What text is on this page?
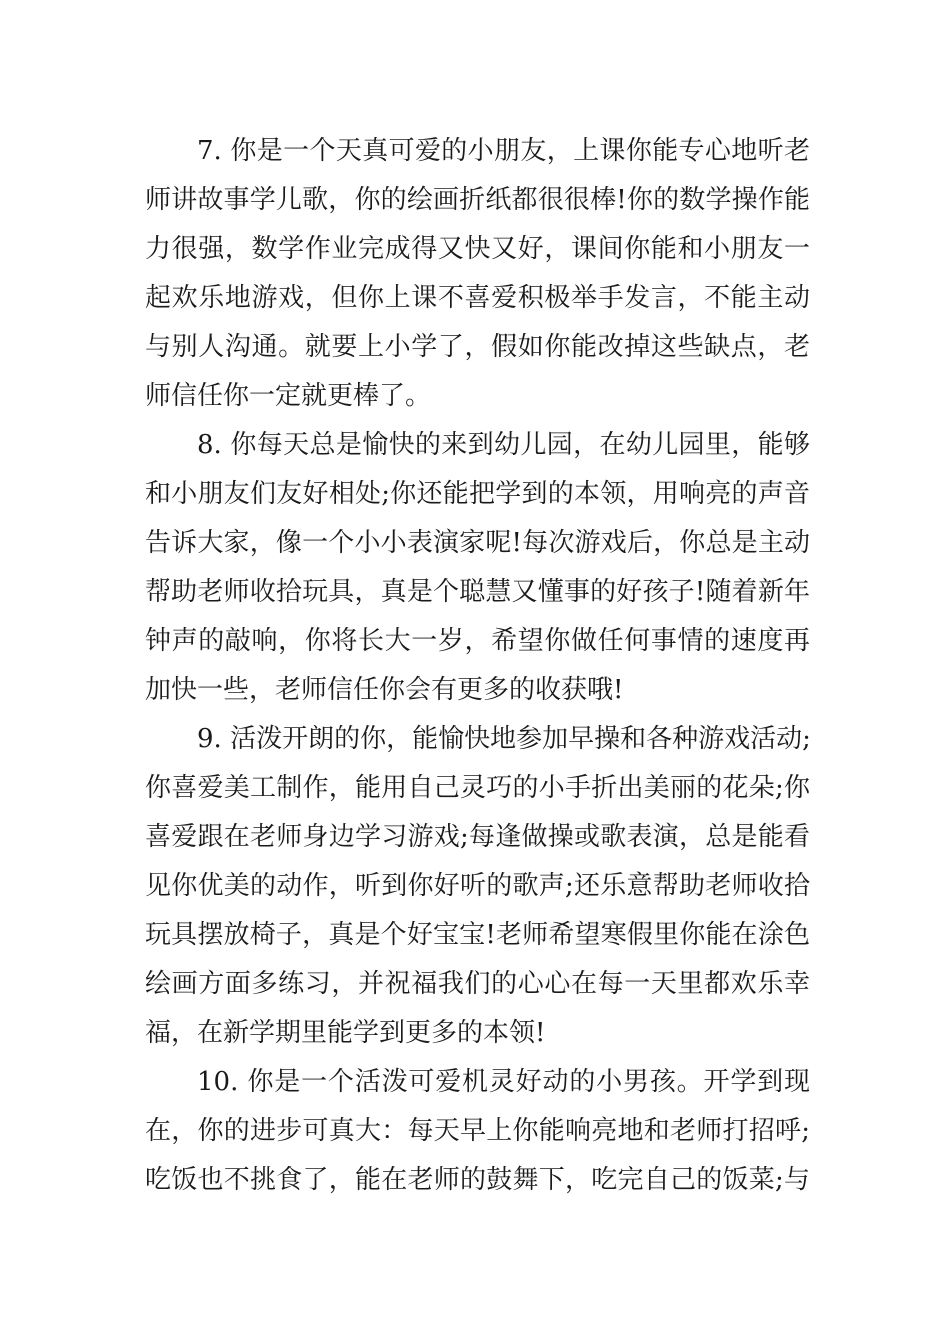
7. 你是一个天真可爱的小朋友，上课你能专心地听老
师讲故事学儿歌，你的绘画折纸都很很棒!你的数学操作能
力很强，数学作业完成得又快又好，课间你能和小朋友一
起欢乐地游戏，但你上课不喜爱积极举手发言，不能主动
与别人沟通。就要上小学了，假如你能改掉这些缺点，老
师信任你一定就更棒了。
8. 你每天总是愉快的来到幼儿园，在幼儿园里，能够
和小朋友们友好相处;你还能把学到的本领，用响亮的声音
告诉大家，像一个小小表演家呢!每次游戏后，你总是主动
帮助老师收拾玩具，真是个聪慧又懂事的好孩子!随着新年
钟声的敲响，你将长大一岁，希望你做任何事情的速度再
加快一些，老师信任你会有更多的收获哦!
9. 活泼开朗的你，能愉快地参加早操和各种游戏活动;
你喜爱美工制作，能用自己灵巧的小手折出美丽的花朵;你
喜爱跟在老师身边学习游戏;每逢做操或歌表演，总是能看
见你优美的动作，听到你好听的歌声;还乐意帮助老师收拾
玩具摆放椅子，真是个好宝宝!老师希望寒假里你能在涂色
绘画方面多练习，并祝福我们的心心在每一天里都欢乐幸
福，在新学期里能学到更多的本领!
10. 你是一个活泼可爱机灵好动的小男孩。开学到现
在，你的进步可真大：每天早上你能响亮地和老师打招呼;
吃饭也不挑食了，能在老师的鼓舞下，吃完自己的饭菜;与
